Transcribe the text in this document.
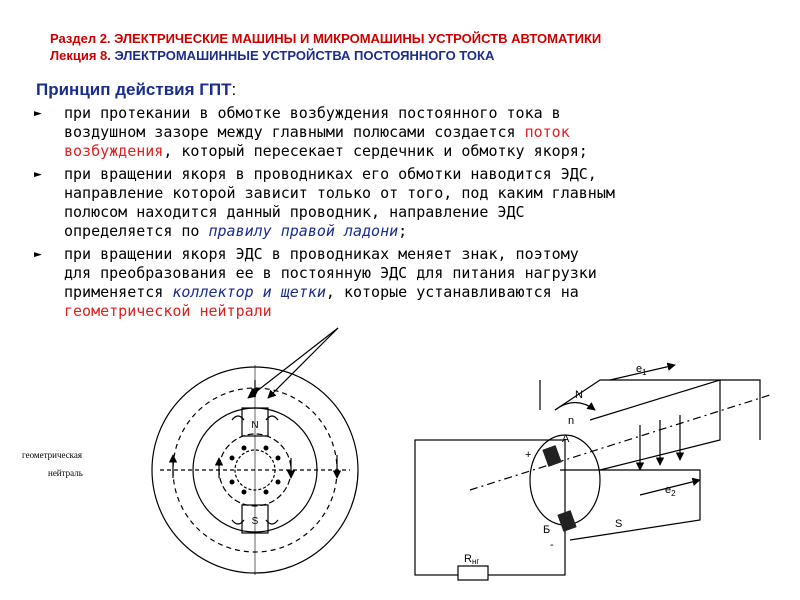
Раздел 2. ЭЛЕКТРИЧЕСКИЕ МАШИНЫ И МИКРОМАШИНЫ УСТРОЙСТВ АВТОМАТИКИ
Лекция 8. ЭЛЕКТРОМАШИННЫЕ УСТРОЙСТВА ПОСТОЯННОГО ТОКА
Принцип действия ГПТ:
► при протекании в обмотке возбуждения постоянного тока в
воздушном зазоре между главными полюсами создается поток
возбуждения, который пересекает сердечник и обмотку якоря;
► при вращении якоря в проводниках его обмотки наводится ЭДС,
направление которой зависит только от того, под каким главным
полюсом находится данный проводник, направление ЭДС
определяется по правилу правой ладони;
► при вращении якоря ЭДС в проводниках меняет знак, поэтому
для преобразования ее в постоянную ЭДС для питания нагрузки
применяется коллектор и щетки, которые устанавливаются на
геометрической нейтрали
N
S
геометрическая
нейтраль
+
-
N
S
n
$e_1$
$e_2$
А
Б
Rнг
